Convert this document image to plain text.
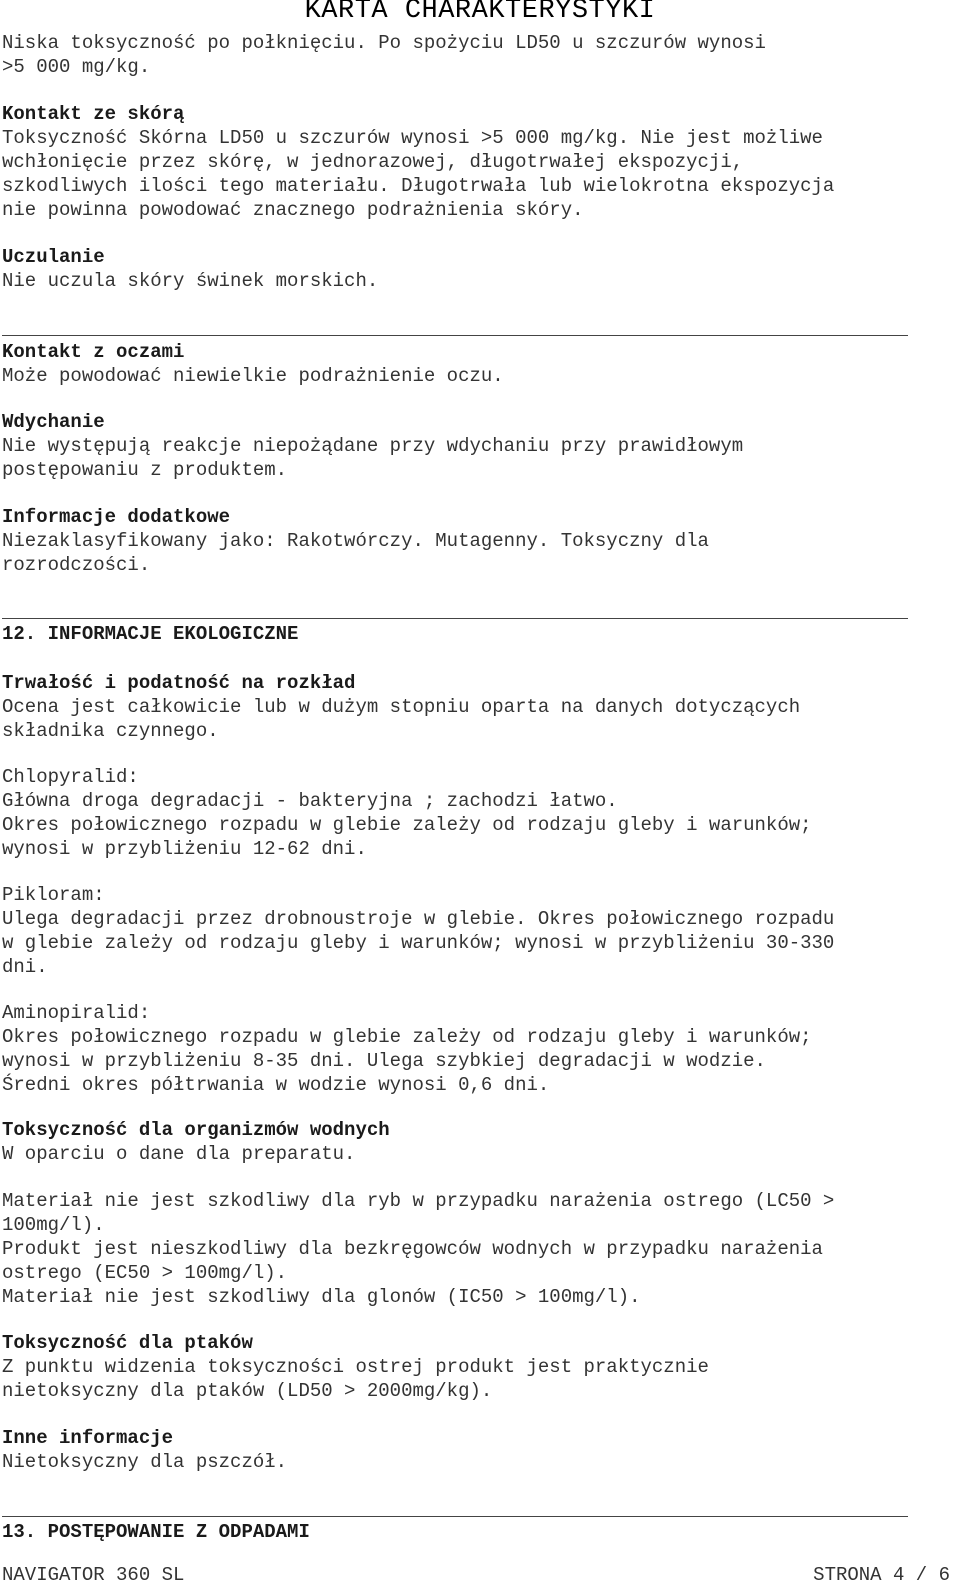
KARTA CHARAKTERYSTYKI
Niska toksyczność po połknięciu. Po spożyciu LD50 u szczurów wynosi
>5 000 mg/kg.
Kontakt ze skórą
Toksyczność Skórna LD50 u szczurów wynosi >5 000 mg/kg. Nie jest możliwe
wchłonięcie przez skórę, w jednorazowej, długotrwałej ekspozycji,
szkodliwych ilości tego materiału. Długotrwała lub wielokrotna ekspozycja
nie powinna powodować znacznego podrażnienia skóry.
Uczulanie
Nie uczula skóry świnek morskich.
Kontakt z oczami
Może powodować niewielkie podrażnienie oczu.
Wdychanie
Nie występują reakcje niepożądane przy wdychaniu przy prawidłowym
postępowaniu z produktem.
Informacje dodatkowe
Niezaklasyfikowany jako: Rakotwórczy. Mutagenny. Toksyczny dla
rozrodczości.
12. INFORMACJE EKOLOGICZNE
Trwałość i podatność na rozkład
Ocena jest całkowicie lub w dużym stopniu oparta na danych dotyczących
składnika czynnego.
Chlopyralid:
Główna droga degradacji - bakteryjna ; zachodzi łatwo.
Okres połowicznego rozpadu w glebie zależy od rodzaju gleby i warunków;
wynosi w przybliżeniu 12-62 dni.
Pikloram:
Ulega degradacji przez drobnoustroje w glebie. Okres połowicznego rozpadu
w glebie zależy od rodzaju gleby i warunków; wynosi w przybliżeniu 30-330
dni.
Aminopiralid:
Okres połowicznego rozpadu w glebie zależy od rodzaju gleby i warunków;
wynosi w przybliżeniu 8-35 dni. Ulega szybkiej degradacji w wodzie.
Średni okres półtrwania w wodzie wynosi 0,6 dni.
Toksyczność dla organizmów wodnych
W oparciu o dane dla preparatu.
Materiał nie jest szkodliwy dla ryb w przypadku narażenia ostrego (LC50 >
100mg/l).
Produkt jest nieszkodliwy dla bezkręgowców wodnych w przypadku narażenia
ostrego (EC50 > 100mg/l).
Materiał nie jest szkodliwy dla glonów (IC50 > 100mg/l).
Toksyczność dla ptaków
Z punktu widzenia toksyczności ostrej produkt jest praktycznie
nietoksyczny dla ptaków (LD50 > 2000mg/kg).
Inne informacje
Nietoksyczny dla pszczół.
13. POSTĘPOWANIE Z ODPADAMI
NAVIGATOR 360 SL	STRONA 4 / 6
